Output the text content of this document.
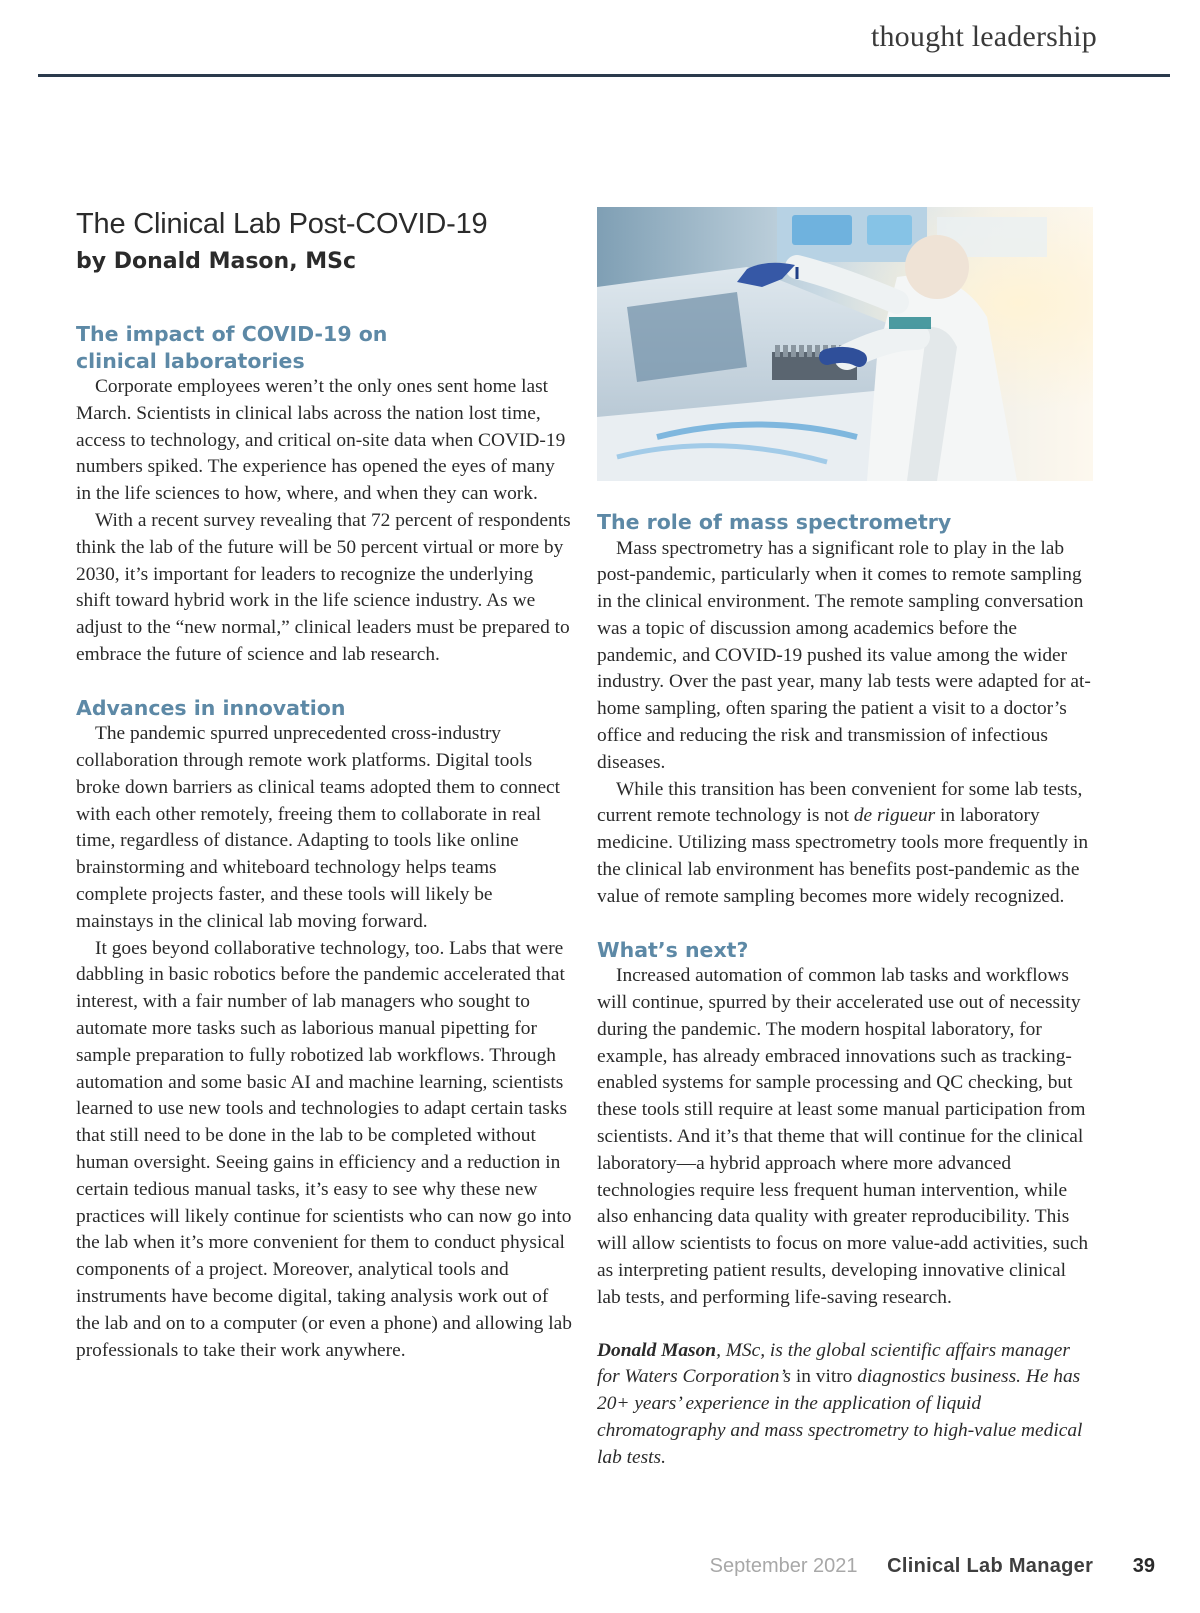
thought leadership
The Clinical Lab Post-COVID-19
by Donald Mason, MSc
The impact of COVID-19 on clinical laboratories

Corporate employees weren’t the only ones sent home last March. Scientists in clinical labs across the nation lost time, access to technology, and critical on-site data when COVID-19 numbers spiked. The experience has opened the eyes of many in the life sciences to how, where, and when they can work.

With a recent survey revealing that 72 percent of respondents think the lab of the future will be 50 percent virtual or more by 2030, it’s important for leaders to recognize the underlying shift toward hybrid work in the life science industry. As we adjust to the “new normal,” clinical leaders must be prepared to embrace the future of science and lab research.

Advances in innovation

The pandemic spurred unprecedented cross-industry collaboration through remote work platforms. Digital tools broke down barriers as clinical teams adopted them to connect with each other remotely, freeing them to collaborate in real time, regardless of distance. Adapting to tools like online brainstorming and whiteboard technology helps teams complete projects faster, and these tools will likely be mainstays in the clinical lab moving forward.

It goes beyond collaborative technology, too. Labs that were dabbling in basic robotics before the pandemic accelerated that interest, with a fair number of lab managers who sought to automate more tasks such as laborious manual pipetting for sample preparation to fully robotized lab workflows. Through automation and some basic AI and machine learning, scientists learned to use new tools and technologies to adapt certain tasks that still need to be done in the lab to be completed without human oversight. Seeing gains in efficiency and a reduction in certain tedious manual tasks, it’s easy to see why these new practices will likely continue for scientists who can now go into the lab when it’s more convenient for them to conduct physical components of a project. Moreover, analytical tools and instruments have become digital, taking analysis work out of the lab and on to a computer (or even a phone) and allowing lab professionals to take their work anywhere.

The role of mass spectrometry

Mass spectrometry has a significant role to play in the lab post-pandemic, particularly when it comes to remote sampling in the clinical environment. The remote sampling conversation was a topic of discussion among academics before the pandemic, and COVID-19 pushed its value among the wider industry. Over the past year, many lab tests were adapted for at-home sampling, often sparing the patient a visit to a doctor’s office and reducing the risk and transmission of infectious diseases.

While this transition has been convenient for some lab tests, current remote technology is not de rigueur in laboratory medicine. Utilizing mass spectrometry tools more frequently in the clinical lab environment has benefits post-pandemic as the value of remote sampling becomes more widely recognized.

What’s next?

Increased automation of common lab tasks and workflows will continue, spurred by their accelerated use out of necessity during the pandemic. The modern hospital laboratory, for example, has already embraced innovations such as tracking-enabled systems for sample processing and QC checking, but these tools still require at least some manual participation from scientists. And it’s that theme that will continue for the clinical laboratory—a hybrid approach where more advanced technologies require less frequent human intervention, while also enhancing data quality with greater reproducibility. This will allow scientists to focus on more value-add activities, such as interpreting patient results, developing innovative clinical lab tests, and performing life-saving research.

Donald Mason, MSc, is the global scientific affairs manager for Waters Corporation’s in vitro diagnostics business. He has 20+ years’ experience in the application of liquid chromatography and mass spectrometry to high-value medical lab tests.

September 2021 Clinical Lab Manager 39
